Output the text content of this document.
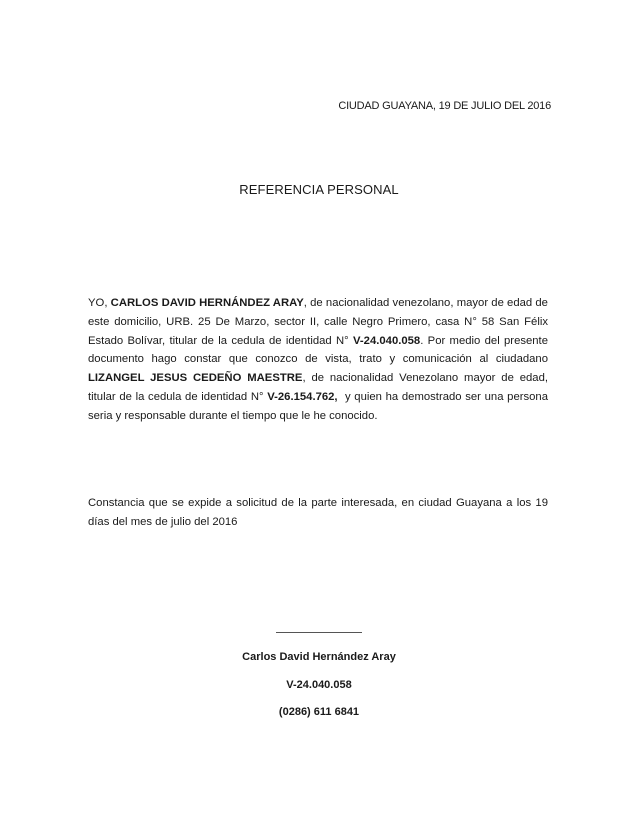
CIUDAD GUAYANA, 19 DE JULIO DEL 2016
REFERENCIA PERSONAL

YO, CARLOS DAVID HERNÁNDEZ ARAY, de nacionalidad venezolano, mayor de edad de este domicilio, URB. 25 De Marzo, sector II, calle Negro Primero, casa N° 58 San Félix Estado Bolívar, titular de la cedula de identidad N° V-24.040.058. Por medio del presente documento hago constar que conozco de vista, trato y comunicación al ciudadano LIZANGEL JESUS CEDEÑO MAESTRE, de nacionalidad Venezolano mayor de edad, titular de la cedula de identidad N° V-26.154.762,  y quien ha demostrado ser una persona seria y responsable durante el tiempo que le he conocido.

Constancia que se expide a solicitud de la parte interesada, en ciudad Guayana a los 19 días del mes de julio del 2016

Carlos David Hernández Aray
V-24.040.058
(0286) 611 6841
